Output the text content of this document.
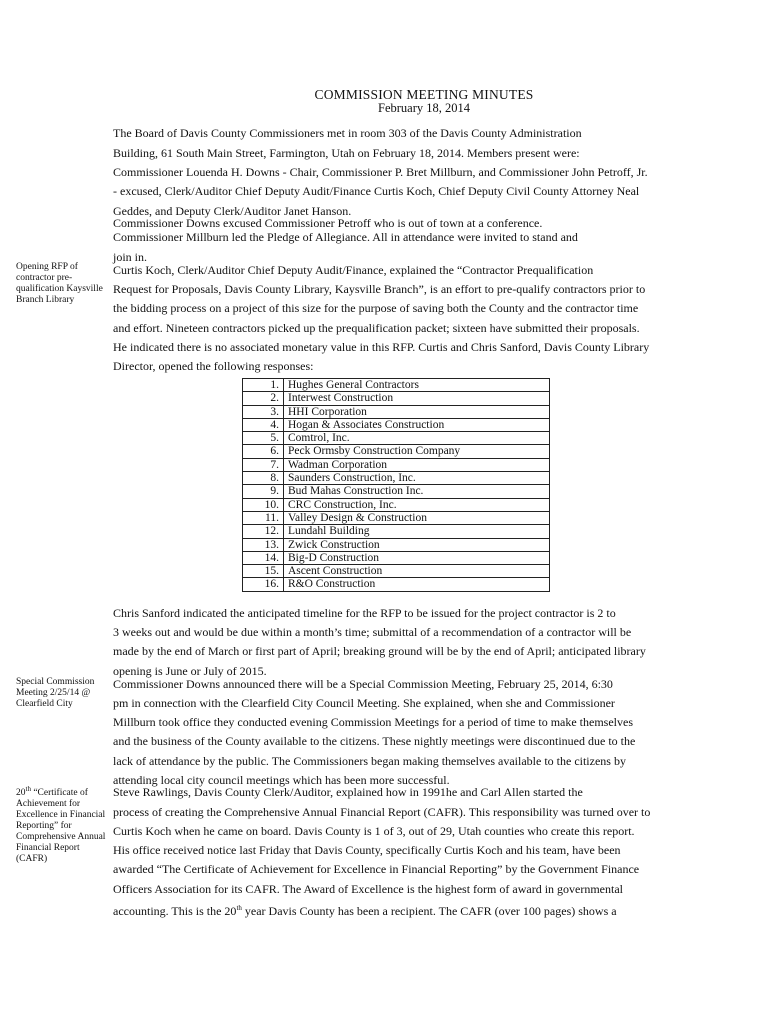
COMMISSION MEETING MINUTES
February 18, 2014
Opening RFP of contractor pre-qualification Kaysville Branch Library
Special Commission Meeting 2/25/14 @ Clearfield City
20th “Certificate of Achievement for Excellence in Financial Reporting” for Comprehensive Annual Financial Report (CAFR)
The Board of Davis County Commissioners met in room 303 of the Davis County Administration
Building, 61 South Main Street, Farmington, Utah on February 18, 2014. Members present were:
Commissioner Louenda H. Downs - Chair, Commissioner P. Bret Millburn, and Commissioner John Petroff, Jr.
- excused, Clerk/Auditor Chief Deputy Audit/Finance Curtis Koch, Chief Deputy Civil County Attorney Neal
Geddes, and Deputy Clerk/Auditor Janet Hanson.
Commissioner Downs excused Commissioner Petroff who is out of town at a conference.
Commissioner Millburn led the Pledge of Allegiance. All in attendance were invited to stand and
join in.
Curtis Koch, Clerk/Auditor Chief Deputy Audit/Finance, explained the “Contractor Prequalification
Request for Proposals, Davis County Library, Kaysville Branch”, is an effort to pre-qualify contractors prior to
the bidding process on a project of this size for the purpose of saving both the County and the contractor time
and effort. Nineteen contractors picked up the prequalification packet; sixteen have submitted their proposals.
He indicated there is no associated monetary value in this RFP. Curtis and Chris Sanford, Davis County Library
Director, opened the following responses:
1.	Hughes General Contractors
2.	Interwest Construction
3.	HHI Corporation
4.	Hogan & Associates Construction
5.	Comtrol, Inc.
6.	Peck Ormsby Construction Company
7.	Wadman Corporation
8.	Saunders Construction, Inc.
9.	Bud Mahas Construction Inc.
10.	CRC Construction, Inc.
11.	Valley Design & Construction
12.	Lundahl Building
13.	Zwick Construction
14.	Big-D Construction
15.	Ascent Construction
16.	R&O Construction
Chris Sanford indicated the anticipated timeline for the RFP to be issued for the project contractor is 2 to
3 weeks out and would be due within a month’s time; submittal of a recommendation of a contractor will be
made by the end of March or first part of April; breaking ground will be by the end of April; anticipated library
opening is June or July of 2015.
Commissioner Downs announced there will be a Special Commission Meeting, February 25, 2014, 6:30
pm in connection with the Clearfield City Council Meeting. She explained, when she and Commissioner
Millburn took office they conducted evening Commission Meetings for a period of time to make themselves
and the business of the County available to the citizens. These nightly meetings were discontinued due to the
lack of attendance by the public. The Commissioners began making themselves available to the citizens by
attending local city council meetings which has been more successful.
Steve Rawlings, Davis County Clerk/Auditor, explained how in 1991he and Carl Allen started the
process of creating the Comprehensive Annual Financial Report (CAFR). This responsibility was turned over to
Curtis Koch when he came on board. Davis County is 1 of 3, out of 29, Utah counties who create this report.
His office received notice last Friday that Davis County, specifically Curtis Koch and his team, have been
awarded “The Certificate of Achievement for Excellence in Financial Reporting” by the Government Finance
Officers Association for its CAFR. The Award of Excellence is the highest form of award in governmental
accounting. This is the 20th year Davis County has been a recipient. The CAFR (over 100 pages) shows a
